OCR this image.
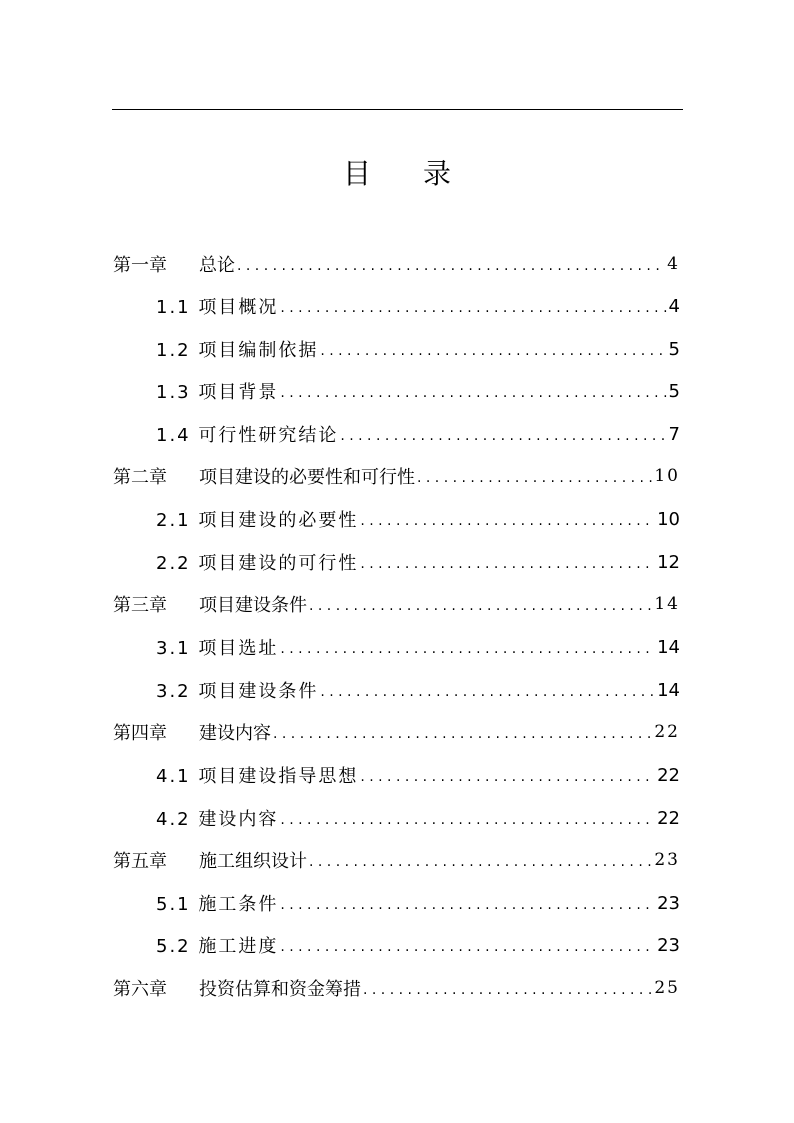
目 录
第一章	总论 . . .	4
1.1 项目概况 . . .	4
1.2 项目编制依据 . . .	5
1.3 项目背景 . . .	5
1.4 可行性研究结论 . . .	7
第二章	项目建设的必要性和可行性 . . .	10
2.1 项目建设的必要性 . . .	10
2.2 项目建设的可行性 . . .	12
第三章	项目建设条件 . . .	14
3.1 项目选址 . . .	14
3.2 项目建设条件 . . .	14
第四章	建设内容 . . .	22
4.1 项目建设指导思想 . . .	22
4.2 建设内容 . . .	22
第五章	施工组织设计 . . .	23
5.1 施工条件 . . .	23
5.2 施工进度 . . .	23
第六章	投资估算和资金筹措 . . .	25
